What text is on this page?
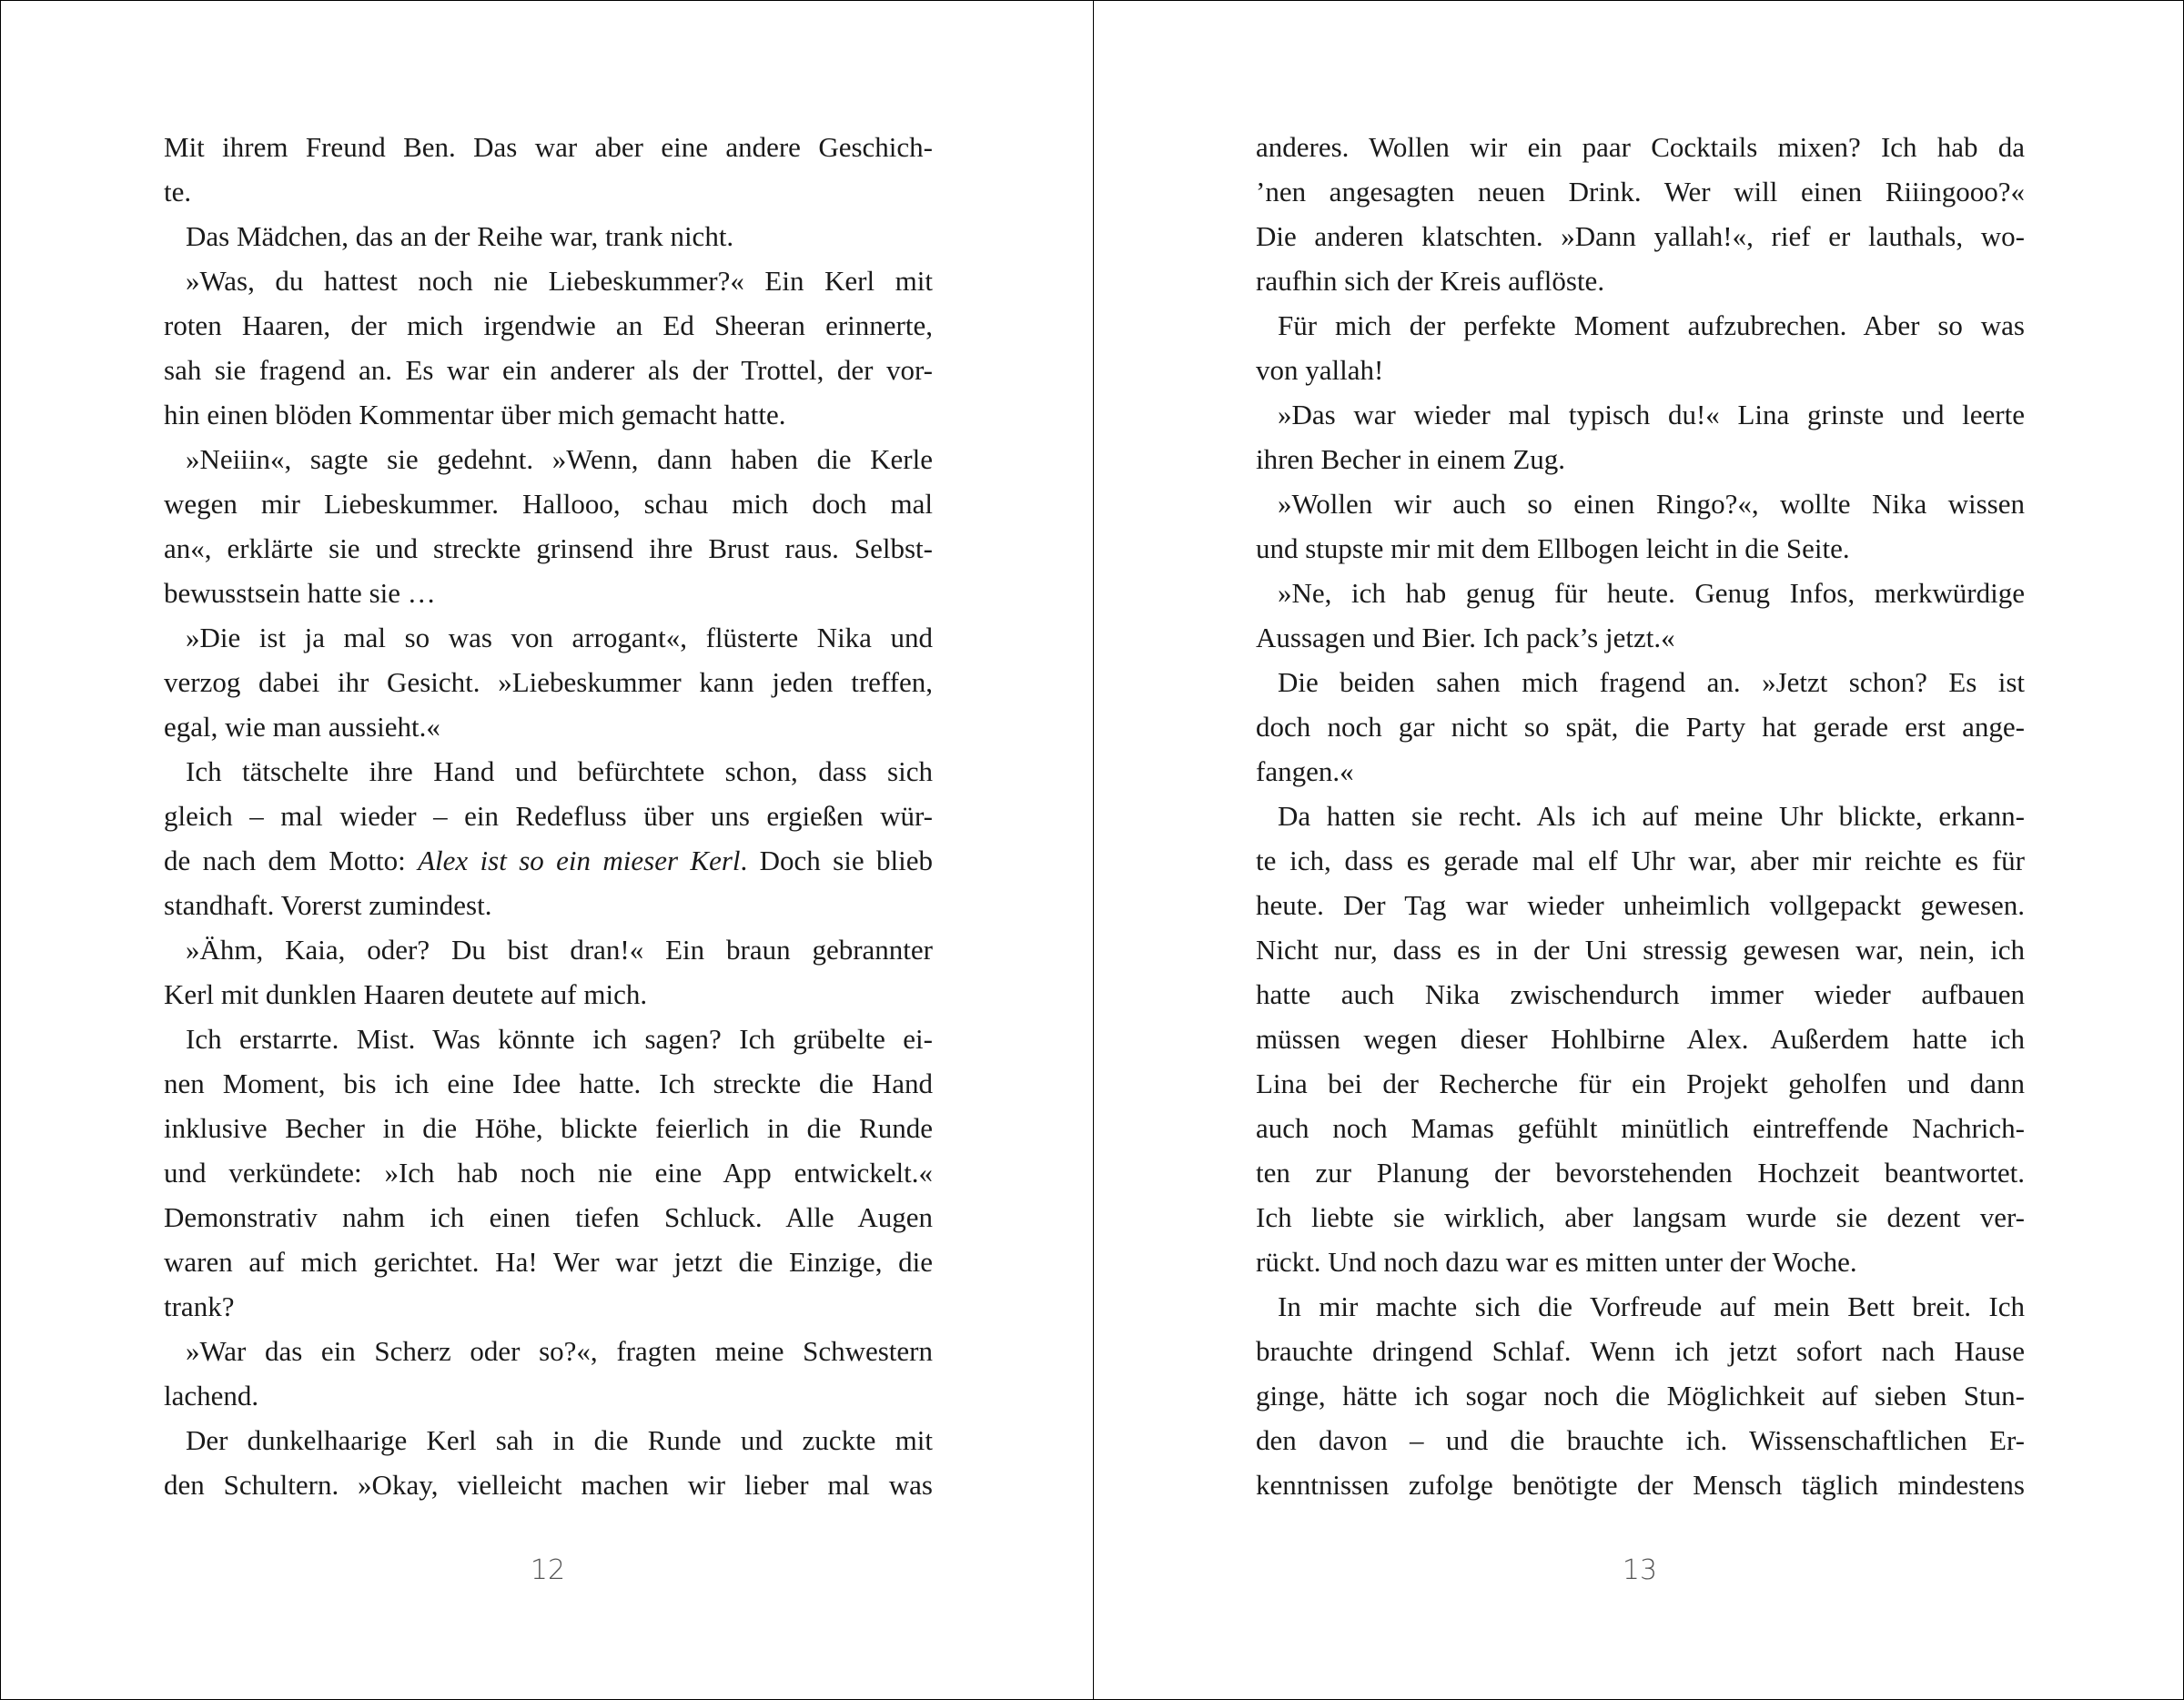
Mit ihrem Freund Ben. Das war aber eine andere Geschich-
te.
Das Mädchen, das an der Reihe war, trank nicht.
»Was, du hattest noch nie Liebeskummer?« Ein Kerl mit
roten Haaren, der mich irgendwie an Ed Sheeran erinnerte,
sah sie fragend an. Es war ein anderer als der Trottel, der vor-
hin einen blöden Kommentar über mich gemacht hatte.
»Neiiin«, sagte sie gedehnt. »Wenn, dann haben die Kerle
wegen mir Liebeskummer. Hallooo, schau mich doch mal
an«, erklärte sie und streckte grinsend ihre Brust raus. Selbst-
bewusstsein hatte sie …
»Die ist ja mal so was von arrogant«, flüsterte Nika und
verzog dabei ihr Gesicht. »Liebeskummer kann jeden treffen,
egal, wie man aussieht.«
Ich tätschelte ihre Hand und befürchtete schon, dass sich
gleich – mal wieder – ein Redefluss über uns ergießen wür-
de nach dem Motto: Alex ist so ein mieser Kerl. Doch sie blieb
standhaft. Vorerst zumindest.
»Ähm, Kaia, oder? Du bist dran!« Ein braun gebrannter
Kerl mit dunklen Haaren deutete auf mich.
Ich erstarrte. Mist. Was könnte ich sagen? Ich grübelte ei-
nen Moment, bis ich eine Idee hatte. Ich streckte die Hand
inklusive Becher in die Höhe, blickte feierlich in die Runde
und verkündete: »Ich hab noch nie eine App entwickelt.«
Demonstrativ nahm ich einen tiefen Schluck. Alle Augen
waren auf mich gerichtet. Ha! Wer war jetzt die Einzige, die
trank?
»War das ein Scherz oder so?«, fragten meine Schwestern
lachend.
Der dunkelhaarige Kerl sah in die Runde und zuckte mit
den Schultern. »Okay, vielleicht machen wir lieber mal was
12
anderes. Wollen wir ein paar Cocktails mixen? Ich hab da
’nen angesagten neuen Drink. Wer will einen Riiingooo?«
Die anderen klatschten. »Dann yallah!«, rief er lauthals, wo-
raufhin sich der Kreis auflöste.
Für mich der perfekte Moment aufzubrechen. Aber so was
von yallah!
»Das war wieder mal typisch du!« Lina grinste und leerte
ihren Becher in einem Zug.
»Wollen wir auch so einen Ringo?«, wollte Nika wissen
und stupste mir mit dem Ellbogen leicht in die Seite.
»Ne, ich hab genug für heute. Genug Infos, merkwürdige
Aussagen und Bier. Ich pack’s jetzt.«
Die beiden sahen mich fragend an. »Jetzt schon? Es ist
doch noch gar nicht so spät, die Party hat gerade erst ange-
fangen.«
Da hatten sie recht. Als ich auf meine Uhr blickte, erkann-
te ich, dass es gerade mal elf Uhr war, aber mir reichte es für
heute. Der Tag war wieder unheimlich vollgepackt gewesen.
Nicht nur, dass es in der Uni stressig gewesen war, nein, ich
hatte auch Nika zwischendurch immer wieder aufbauen
müssen wegen dieser Hohlbirne Alex. Außerdem hatte ich
Lina bei der Recherche für ein Projekt geholfen und dann
auch noch Mamas gefühlt minütlich eintreffende Nachrich-
ten zur Planung der bevorstehenden Hochzeit beantwortet.
Ich liebte sie wirklich, aber langsam wurde sie dezent ver-
rückt. Und noch dazu war es mitten unter der Woche.
In mir machte sich die Vorfreude auf mein Bett breit. Ich
brauchte dringend Schlaf. Wenn ich jetzt sofort nach Hause
ginge, hätte ich sogar noch die Möglichkeit auf sieben Stun-
den davon – und die brauchte ich. Wissenschaftlichen Er-
kenntnissen zufolge benötigte der Mensch täglich mindestens
13
